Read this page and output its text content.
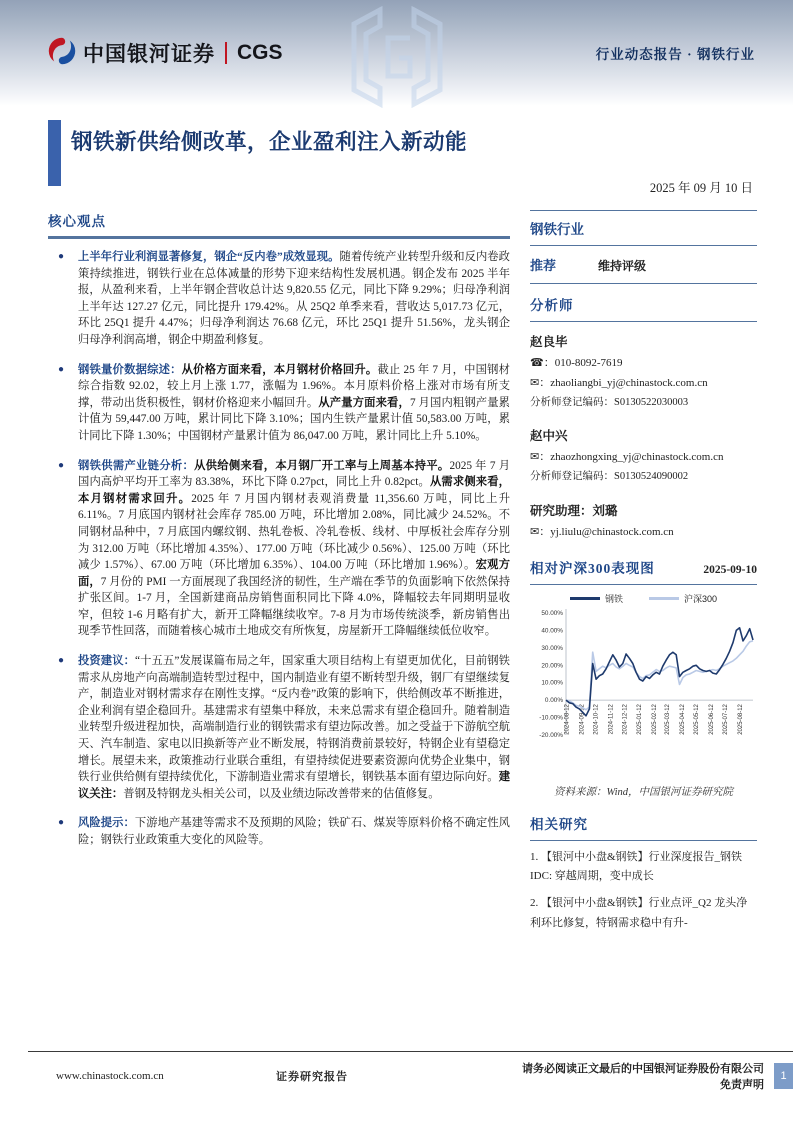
中国银河证券 CGS	行业动态报告 · 钢铁行业
钢铁新供给侧改革，企业盈利注入新动能
2025 年 09 月 10 日
核心观点
●	上半年行业利润显著修复，钢企“反内卷”成效显现。随着传统产业转型升级和反内卷政策持续推进，钢铁行业在总体减量的形势下迎来结构性发展机遇。钢企发布 2025 半年报，从盈利来看，上半年钢企营收总计达 9,820.55 亿元，同比下降 9.29%；归母净利润上半年达 127.27 亿元，同比提升 179.42%。从 25Q2 单季来看，营收达 5,017.73 亿元，环比 25Q1 提升 4.47%；归母净利润达 76.68 亿元，环比 25Q1 提升 51.56%，龙头钢企归母净利润高增，钢企中期盈利修复。
●	钢铁量价数据综述：从价格方面来看，本月钢材价格回升。截止 25 年 7 月，中国钢材综合指数 92.02，较上月上涨 1.77，涨幅为 1.96%。本月原料价格上涨对市场有所支撑，带动出货积极性，钢材价格迎来小幅回升。从产量方面来看，7 月国内粗钢产量累计值为 59,447.00 万吨，累计同比下降 3.10%；国内生铁产量累计值 50,583.00 万吨，累计同比下降 1.30%；中国钢材产量累计值为 86,047.00 万吨，累计同比上升 5.10%。
●	钢铁供需产业链分析：从供给侧来看，本月钢厂开工率与上周基本持平。2025 年 7 月国内高炉平均开工率为 83.38%，环比下降 0.27pct，同比上升 0.82pct。从需求侧来看，本月钢材需求回升。2025 年 7 月国内钢材表观消费量 11,356.60 万吨，同比上升 6.11%。7 月底国内钢材社会库存 785.00 万吨，环比增加 2.08%，同比减少 24.52%。不同钢材品种中，7 月底国内螺纹钢、热轧卷板、冷轧卷板、线材、中厚板社会库存分别为 312.00 万吨（环比增加 4.35%）、177.00 万吨（环比减少 0.56%）、125.00 万吨（环比减少 1.57%）、67.00 万吨（环比增加 6.35%）、104.00 万吨（环比增加 1.96%）。宏观方面，7 月份的 PMI 一方面展现了我国经济的韧性，生产端在季节的负面影响下依然保持扩张区间。1-7 月，全国新建商品房销售面积同比下降 4.0%，降幅较去年同期明显收窄，但较 1-6 月略有扩大，新开工降幅继续收窄。7-8 月为市场传统淡季，新房销售出现季节性回落，而随着核心城市土地成交有所恢复，房屋新开工降幅继续低位收窄。
●	投资建议：“十五五”发展谋篇布局之年，国家重大项目结构上有望更加优化，目前钢铁需求从房地产向高端制造转型过程中，国内制造业有望不断转型升级，钢厂有望继续复产，制造业对钢材需求存在刚性支撑。“反内卷”政策的影响下，供给侧改革不断推进，企业利润有望企稳回升。基建需求有望集中释放，未来总需求有望企稳回升。随着制造业转型升级进程加快，高端制造行业的钢铁需求有望边际改善。加之受益于下游航空航天、汽车制造、家电以旧换新等产业不断发展，特钢消费前景较好，特钢企业有望稳定增长。展望未来，政策推动行业联合重组，有望持续促进要素资源向优势企业集中，钢铁行业供给侧有望持续优化，下游制造业需求有望增长，钢铁基本面有望边际向好。建议关注：普钢及特钢龙头相关公司，以及业绩边际改善带来的估值修复。
●	风险提示：下游地产基建等需求不及预期的风险；铁矿石、煤炭等原料价格不确定性风险；钢铁行业政策重大变化的风险等。
钢铁行业
推荐	维持评级
分析师
赵良毕
☎：010-8092-7619
✉：zhaoliangbi_yj@chinastock.com.cn
分析师登记编码：S0130522030003
赵中兴
✉：zhaozhongxing_yj@chinastock.com.cn
分析师登记编码：S0130524090002
研究助理：刘璐
✉：yj.liulu@chinastock.com.cn
相对沪深300表现图	2025-09-10
钢铁	沪深300
50.00%
40.00%
30.00%
20.00%
10.00%
0.00%
-10.00%
-20.00%
2024-08-12 2024-09-12 2024-10-12 2024-11-12 2024-12-12 2025-01-12 2025-02-12 2025-03-12 2025-04-12 2025-05-12 2025-06-12 2025-07-12 2025-08-12
资料来源：Wind，中国银河证券研究院
相关研究
1. 【银河中小盘&钢铁】行业深度报告_钢铁 IDC: 穿越周期，变中成长
2. 【银河中小盘&钢铁】行业点评_Q2 龙头净利环比修复，特钢需求稳中有升-
www.chinastock.com.cn	证券研究报告
请务必阅读正文最后的中国银河证券股份有限公司免责声明
1
